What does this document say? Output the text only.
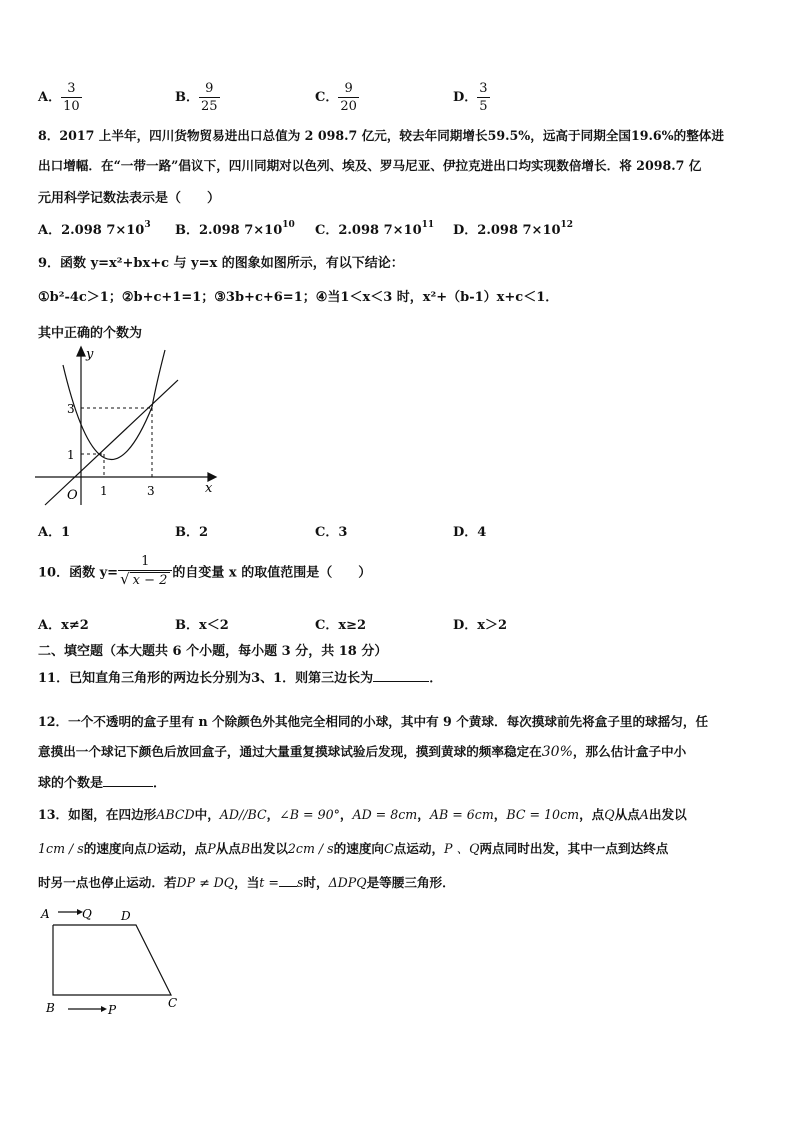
A． $\frac{3}{10}$	B． $\frac{9}{25}$	C． $\frac{9}{20}$	D． $\frac{3}{5}$
8．2017 上半年，四川货物贸易进出口总值为 2 098.7 亿元，较去年同期增长59.5%，远高于同期全国19.6%的整体进
出口增幅．在“一带一路”倡议下，四川同期对以色列、埃及、罗马尼亚、伊拉克进出口均实现数倍增长．将 2098.7 亿
元用科学记数法表示是（　　）
A．2.098 $7\times 10^3$ B．2.098 $7\times 10^{10}$ C．2.098 $7\times 10^{11}$ D．2.098 $7\times 10^{12}$
9．函数 y=x²+bx+c 与 y=x 的图象如图所示，有以下结论：
①b²-4c＞1；②b+c+1=1；③3b+c+6=1；④当1＜x＜3 时，x²+（b-1）x+c＜1．
其中正确的个数为
y
x
O 1	3
1
3
A．1	B．2	C．3	D．4
10．函数 $y= \frac{1}{√ x - 2}$ 的自变量 x 的取值范围是（　　）
A．x≠2	B．x＜2	C．x≥2	D．x＞2
二、填空题（本大题共 6 个小题，每小题 3 分，共 18 分）
11．已知直角三角形的两边长分别为3、1．则第三边长为	．
12．一个不透明的盒子里有 n 个除颜色外其他完全相同的小球，其中有 9 个黄球．每次摸球前先将盒子里的球摇匀，任
意摸出一个球记下颜色后放回盒子，通过大量重复摸球试验后发现，摸到黄球的频率稳定在30%，那么估计盒子中小
球的个数是	．
13．如图，在四边形ABCD中，AD//BC，∠B = 90°，AD = 8cm，AB = 6cm，BC = 10cm，点Q从点A出发以
1cm / s的速度向点D运动，点P从点B出发以2cm / s的速度向C点运动，P 、Q两点同时出发，其中一点到达终点
时另一点也停止运动．若DP ≠ DQ，当t = s时，ΔDPQ是等腰三角形．
A	Q D
B	P	C
